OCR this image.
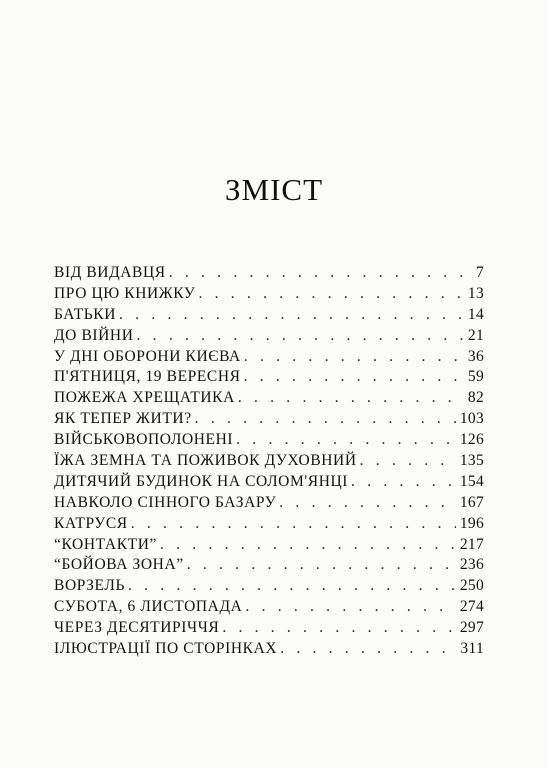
ЗМІСТ
ВІД ВИДАВЦЯ . . .	7
ПРО ЦЮ КНИЖКУ . . .	13
БАТЬКИ . . .	14
ДО ВІЙНИ . . .	21
У ДНІ ОБОРОНИ КИЄВА . . .	36
П'ЯТНИЦЯ, 19 ВЕРЕСНЯ . . .	59
ПОЖЕЖА ХРЕЩАТИКА . . .	82
ЯК ТЕПЕР ЖИТИ? . . .	103
ВІЙСЬКОВОПОЛОНЕНІ . . .	126
ЇЖА ЗЕМНА ТА ПОЖИВОК ДУХОВНИЙ . . .	135
ДИТЯЧИЙ БУДИНОК НА СОЛОМ'ЯНЦІ . . .	154
НАВКОЛО СІННОГО БАЗАРУ . . .	167
КАТРУСЯ . . .	196
“КОНТАКТИ” . . .	217
“БОЙОВА ЗОНА” . . .	236
ВОРЗЕЛЬ . . .	250
СУБОТА, 6 ЛИСТОПАДА . . .	274
ЧЕРЕЗ ДЕСЯТИРІЧЧЯ . . .	297
ІЛЮСТРАЦІЇ ПО СТОРІНКАХ . . .	311
